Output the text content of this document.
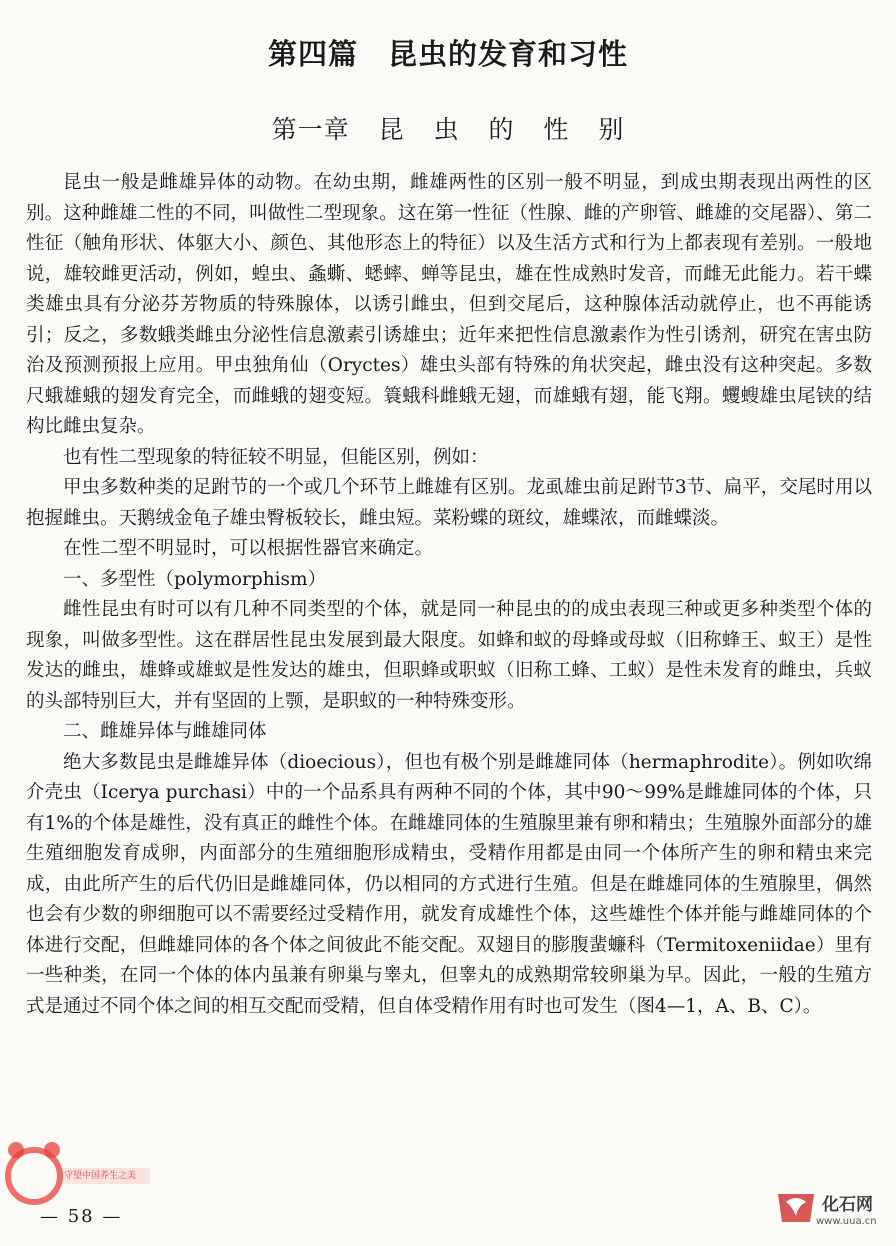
第四篇　昆虫的发育和习性
第一章 昆 虫 的 性 别

昆虫一般是雌雄异体的动物。在幼虫期，雌雄两性的区别一般不明显，到成虫期表现出两性的区别。这种雌雄二性的不同，叫做性二型现象。这在第一性征（性腺、雌的产卵管、雌雄的交尾器）、第二性征（触角形状、体躯大小、颜色、其他形态上的特征）以及生活方式和行为上都表现有差别。一般地说，雄较雌更活动，例如，蝗虫、螽蟖、蟋蟀、蝉等昆虫，雄在性成熟时发音，而雌无此能力。若干蝶类雄虫具有分泌芬芳物质的特殊腺体，以诱引雌虫，但到交尾后，这种腺体活动就停止，也不再能诱引；反之，多数蛾类雌虫分泌性信息激素引诱雄虫；近年来把性信息激素作为性引诱剂，研究在害虫防治及预测预报上应用。甲虫独角仙（Oryctes）雄虫头部有特殊的角状突起，雌虫没有这种突起。多数尺蛾雄蛾的翅发育完全，而雌蛾的翅变短。簑蛾科雌蛾无翅，而雄蛾有翅，能飞翔。蠼螋雄虫尾铗的结构比雌虫复杂。

也有性二型现象的特征较不明显，但能区别，例如：

甲虫多数种类的足跗节的一个或几个环节上雌雄有区别。龙虱雄虫前足跗节3节、扁平，交尾时用以抱握雌虫。天鹅绒金龟子雄虫臀板较长，雌虫短。菜粉蝶的斑纹，雄蝶浓，而雌蝶淡。

在性二型不明显时，可以根据性器官来确定。

一、多型性（polymorphism）

雌性昆虫有时可以有几种不同类型的个体，就是同一种昆虫的的成虫表现三种或更多种类型个体的现象，叫做多型性。这在群居性昆虫发展到最大限度。如蜂和蚁的母蜂或母蚁（旧称蜂王、蚁王）是性发达的雌虫，雄蜂或雄蚁是性发达的雄虫，但职蜂或职蚁（旧称工蜂、工蚁）是性未发育的雌虫，兵蚁的头部特别巨大，并有坚固的上颚，是职蚁的一种特殊变形。

二、雌雄异体与雌雄同体

绝大多数昆虫是雌雄异体（dioecious），但也有极个别是雌雄同体（hermaphrodite）。例如吹绵介壳虫（Icerya purchasi）中的一个品系具有两种不同的个体，其中90～99%是雌雄同体的个体，只有1%的个体是雄性，没有真正的雌性个体。在雌雄同体的生殖腺里兼有卵和精虫；生殖腺外面部分的雄生殖细胞发育成卵，内面部分的生殖细胞形成精虫，受精作用都是由同一个体所产生的卵和精虫来完成，由此所产生的后代仍旧是雌雄同体，仍以相同的方式进行生殖。但是在雌雄同体的生殖腺里，偶然也会有少数的卵细胞可以不需要经过受精作用，就发育成雄性个体，这些雄性个体并能与雌雄同体的个体进行交配，但雌雄同体的各个体之间彼此不能交配。双翅目的膨腹蜚蠊科（Termitoxeniidae）里有一些种类，在同一个体的体内虽兼有卵巢与睾丸，但睾丸的成熟期常较卵巢为早。因此，一般的生殖方式是通过不同个体之间的相互交配而受精，但自体受精作用有时也可发生（图4—1，A、B、C）。

守望中国养生之美
— 58 —
化石网
www.uua.cn
